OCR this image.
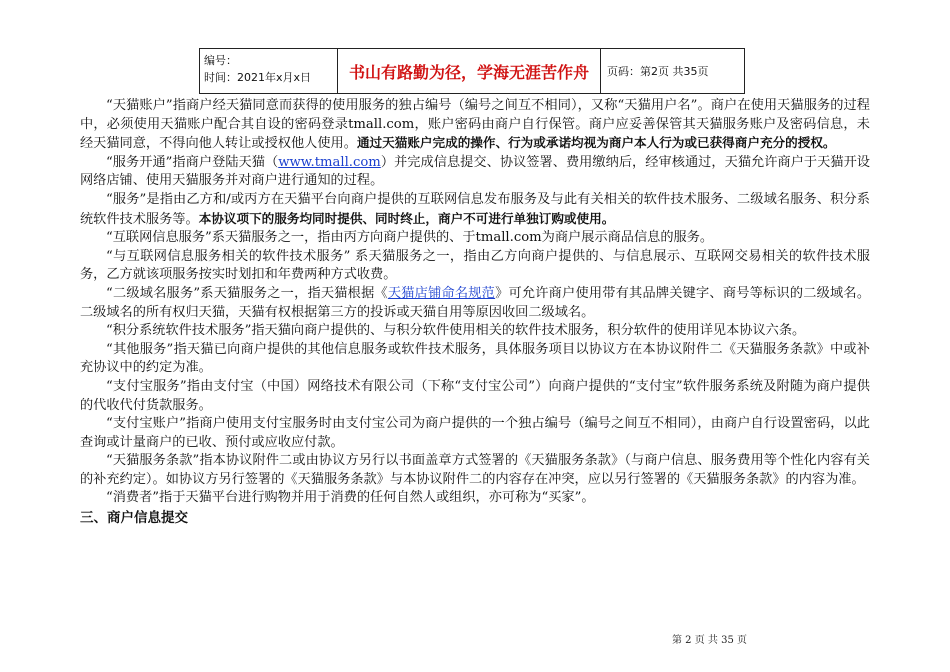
编号：
时间：2021年x月x日	书山有路勤为径，学海无涯苦作舟	页码：第2页 共35页

“天猫账户”指商户经天猫同意而获得的使用服务的独占编号（编号之间互不相同），又称“天猫用户名”。商户在使用天猫服务的过程中，必须使用天猫账户配合其自设的密码登录tmall.com，账户密码由商户自行保管。商户应妥善保管其天猫服务账户及密码信息，未经天猫同意，不得向他人转让或授权他人使用。通过天猫账户完成的操作、行为或承诺均视为商户本人行为或已获得商户充分的授权。

“服务开通”指商户登陆天猫（www.tmall.com）并完成信息提交、协议签署、费用缴纳后，经审核通过，天猫允许商户于天猫开设网络店铺、使用天猫服务并对商户进行通知的过程。

“服务”是指由乙方和/或丙方在天猫平台向商户提供的互联网信息发布服务及与此有关相关的软件技术服务、二级域名服务、积分系统软件技术服务等。本协议项下的服务均同时提供、同时终止，商户不可进行单独订购或使用。

“互联网信息服务”系天猫服务之一，指由丙方向商户提供的、于tmall.com为商户展示商品信息的服务。

“与互联网信息服务相关的软件技术服务” 系天猫服务之一，指由乙方向商户提供的、与信息展示、互联网交易相关的软件技术服务，乙方就该项服务按实时划扣和年费两种方式收费。

“二级域名服务”系天猫服务之一，指天猫根据《天猫店铺命名规范》可允许商户使用带有其品牌关键字、商号等标识的二级域名。二级域名的所有权归天猫，天猫有权根据第三方的投诉或天猫自用等原因收回二级域名。

“积分系统软件技术服务”指天猫向商户提供的、与积分软件使用相关的软件技术服务，积分软件的使用详见本协议六条。

“其他服务”指天猫已向商户提供的其他信息服务或软件技术服务，具体服务项目以协议方在本协议附件二《天猫服务条款》中或补充协议中的约定为准。

“支付宝服务”指由支付宝（中国）网络技术有限公司（下称“支付宝公司”）向商户提供的“支付宝”软件服务系统及附随为商户提供的代收代付货款服务。

“支付宝账户”指商户使用支付宝服务时由支付宝公司为商户提供的一个独占编号（编号之间互不相同），由商户自行设置密码，以此查询或计量商户的已收、预付或应收应付款。

“天猫服务条款”指本协议附件二或由协议方另行以书面盖章方式签署的《天猫服务条款》（与商户信息、服务费用等个性化内容有关的补充约定）。如协议方另行签署的《天猫服务条款》与本协议附件二的内容存在冲突，应以另行签署的《天猫服务条款》的内容为准。

“消费者”指于天猫平台进行购物并用于消费的任何自然人或组织，亦可称为“买家”。

三、商户信息提交
第 2 页 共 35 页
